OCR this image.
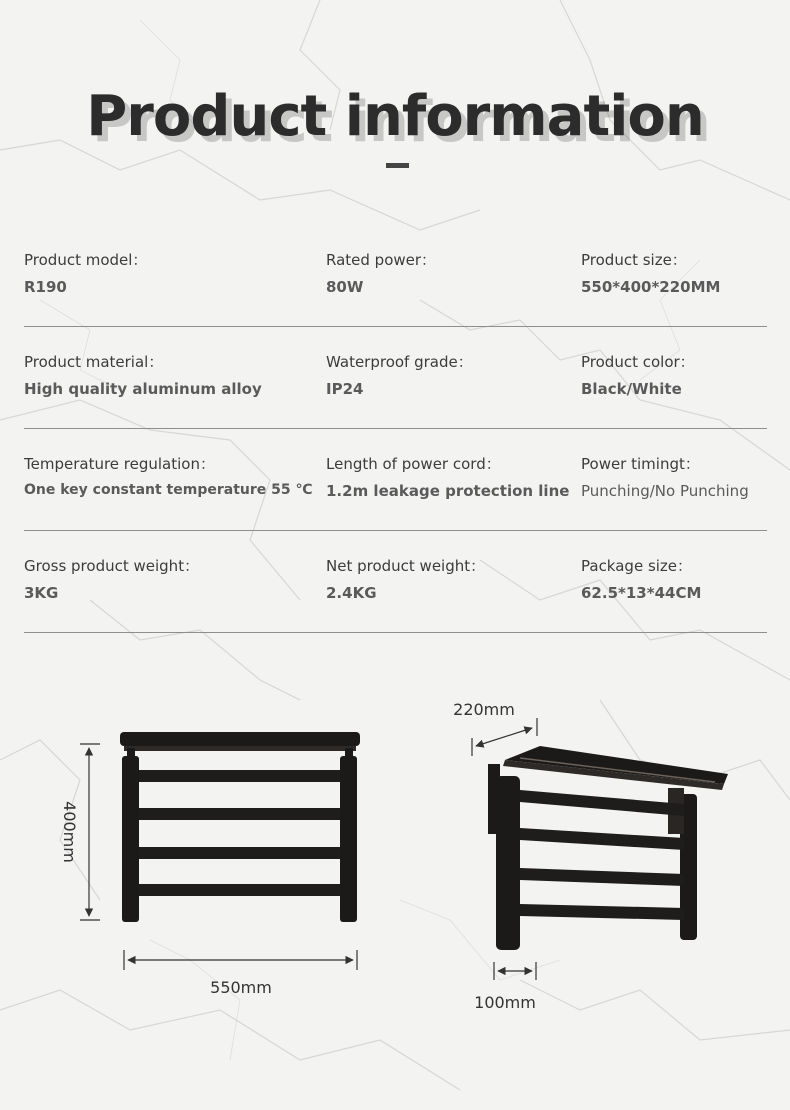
Product information
Product model：
R190
Rated power：
80W
Product size：
550*400*220MM
Product material：
High quality aluminum alloy
Waterproof grade：
IP24
Product color：
Black/White
Temperature regulation：
One key constant temperature 55 ℃
Length of power cord：
1.2m leakage protection line
Power timingt：
Punching/No Punching
Gross product weight：
3KG
Net product weight：
2.4KG
Package size：
62.5*13*44CM
400mm
550mm
220mm
100mm
